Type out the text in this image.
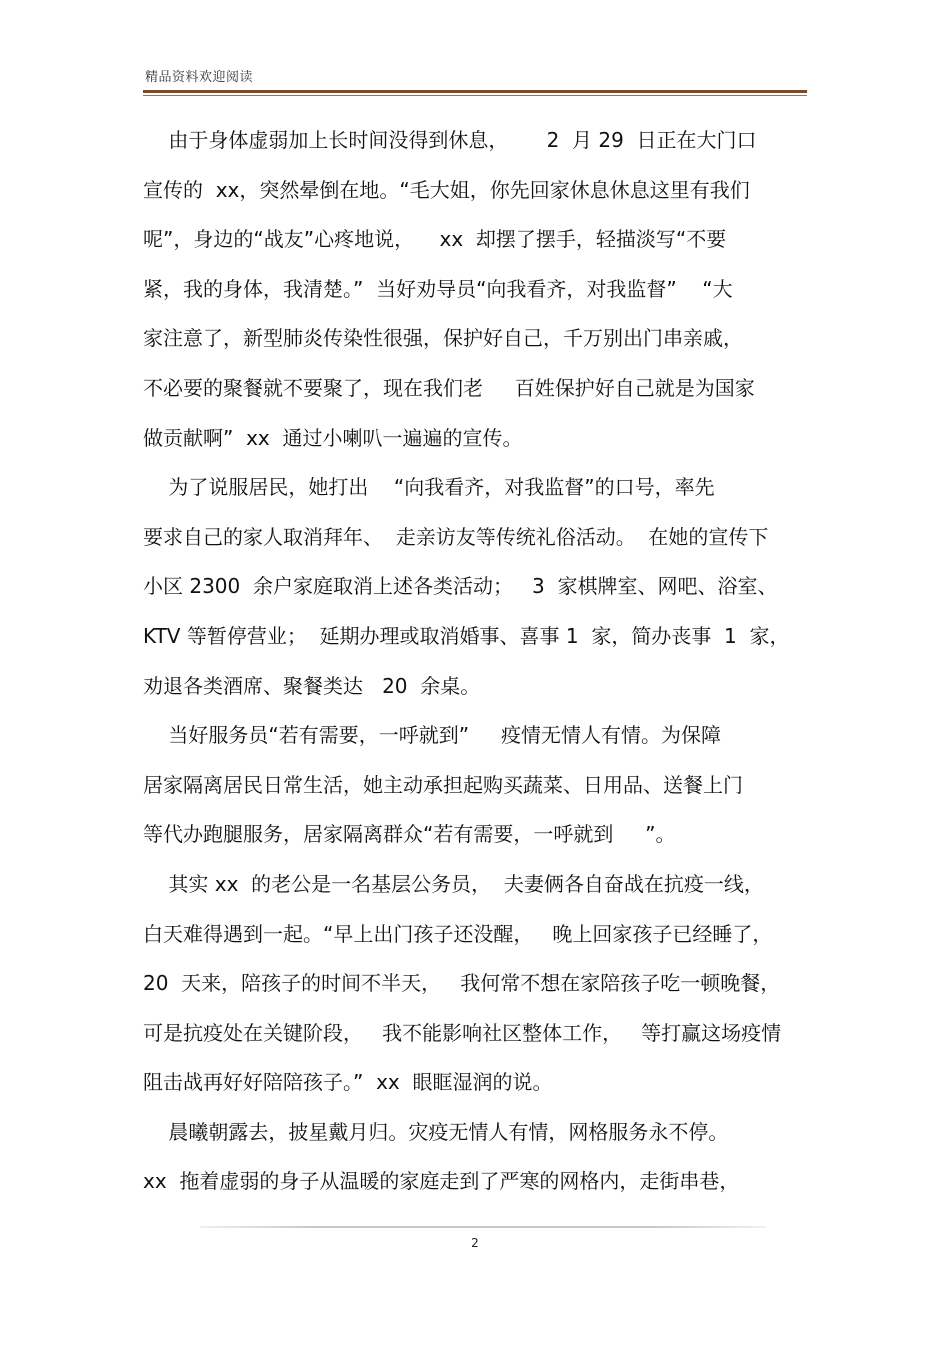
精品资料欢迎阅读
由于身体虚弱加上长时间没得到休息，      2  月 29  日正在大门口
宣传的  xx，突然晕倒在地。“毛大姐，你先回家休息休息这里有我们
呢”，身边的“战友”心疼地说，    xx  却摆了摆手，轻描淡写“不要
紧，我的身体，我清楚。”  当好劝导员“向我看齐，对我监督”    “大
家注意了，新型肺炎传染性很强，保护好自己，千万别出门串亲戚，
不必要的聚餐就不要聚了，现在我们老     百姓保护好自己就是为国家
做贡献啊”  xx  通过小喇叭一遍遍的宣传。
为了说服居民，她打出    “向我看齐，对我监督”的口号，率先
要求自己的家人取消拜年、  走亲访友等传统礼俗活动。  在她的宣传下
小区 2300  余户家庭取消上述各类活动；   3  家棋牌室、网吧、浴室、
KTV 等暂停营业；  延期办理或取消婚事、喜事 1  家，简办丧事  1  家，
劝退各类酒席、聚餐类达   20  余桌。
当好服务员“若有需要，一呼就到”     疫情无情人有情。为保障
居家隔离居民日常生活，她主动承担起购买蔬菜、日用品、送餐上门
等代办跑腿服务，居家隔离群众“若有需要，一呼就到     ”。
其实 xx  的老公是一名基层公务员，  夫妻俩各自奋战在抗疫一线，
白天难得遇到一起。“早上出门孩子还没醒，   晚上回家孩子已经睡了，
20  天来，陪孩子的时间不半天，   我何常不想在家陪孩子吃一顿晚餐，
可是抗疫处在关键阶段，   我不能影响社区整体工作，   等打赢这场疫情
阻击战再好好陪陪孩子。”  xx  眼眶湿润的说。
晨曦朝露去，披星戴月归。灾疫无情人有情，网格服务永不停。
xx  拖着虚弱的身子从温暖的家庭走到了严寒的网格内，走街串巷，
2
